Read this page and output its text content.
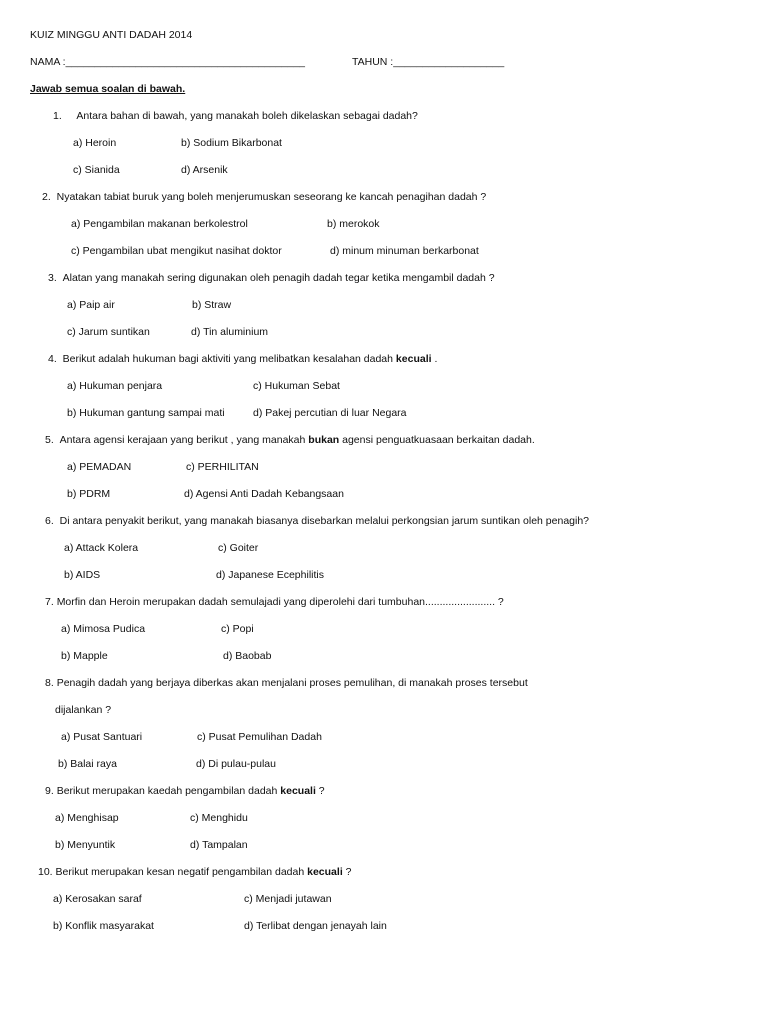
KUIZ MINGGU ANTI DADAH 2014
NAMA :_________________________________________	TAHUN :___________________
Jawab semua soalan di bawah.
1. Antara bahan di bawah, yang manakah boleh dikelaskan sebagai dadah?
a) Heroin	b) Sodium Bikarbonat
c) Sianida	d) Arsenik
2. Nyatakan tabiat buruk yang boleh menjerumuskan seseorang ke kancah penagihan dadah ?
a) Pengambilan makanan berkolestrol	b) merokok
c) Pengambilan ubat mengikut nasihat doktor	d) minum minuman berkarbonat
3. Alatan yang manakah sering digunakan oleh penagih dadah tegar ketika mengambil dadah ?
a) Paip air	b) Straw
c) Jarum suntikan	d) Tin aluminium
4. Berikut adalah hukuman bagi aktiviti yang melibatkan kesalahan dadah kecuali .
a) Hukuman penjara	c) Hukuman Sebat
b) Hukuman gantung sampai mati	d) Pakej percutian di luar Negara
5. Antara agensi kerajaan yang berikut , yang manakah bukan agensi penguatkuasaan berkaitan dadah.
a) PEMADAN	c) PERHILITAN
b) PDRM	d) Agensi Anti Dadah Kebangsaan
6. Di antara penyakit berikut, yang manakah biasanya disebarkan melalui perkongsian jarum suntikan oleh penagih?
a) Attack Kolera	c) Goiter
b) AIDS	d) Japanese Ecephilitis
7. Morfin dan Heroin merupakan dadah semulajadi yang diperolehi dari tumbuhan........................ ?
a) Mimosa Pudica	c) Popi
b) Mapple	d) Baobab
8. Penagih dadah yang berjaya diberkas akan menjalani proses pemulihan, di manakah proses tersebut
dijalankan ?
a) Pusat Santuari	c) Pusat Pemulihan Dadah
b) Balai raya	d) Di pulau-pulau
9. Berikut merupakan kaedah pengambilan dadah kecuali ?
a) Menghisap	c) Menghidu
b) Menyuntik	d) Tampalan
10. Berikut merupakan kesan negatif pengambilan dadah kecuali ?
a) Kerosakan saraf	c) Menjadi jutawan
b) Konflik masyarakat	d) Terlibat dengan jenayah lain
